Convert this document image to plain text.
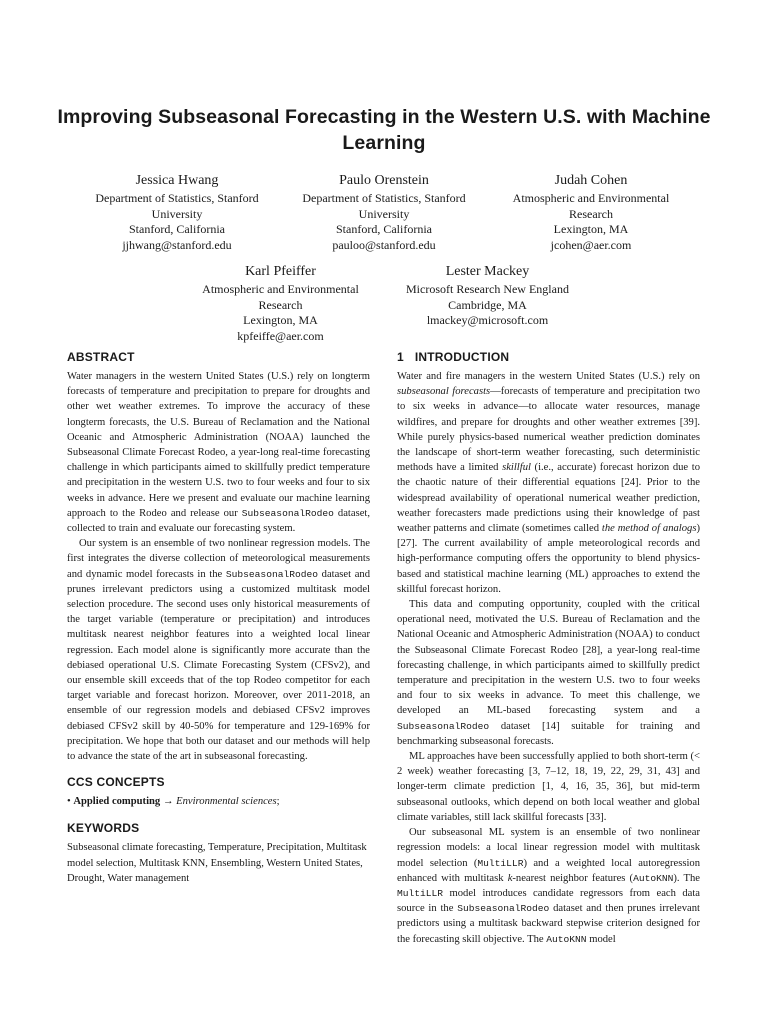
Improving Subseasonal Forecasting in the Western U.S. with Machine Learning
Jessica Hwang
Department of Statistics, Stanford
University
Stanford, California
jjhwang@stanford.edu
Paulo Orenstein
Department of Statistics, Stanford
University
Stanford, California
pauloo@stanford.edu
Judah Cohen
Atmospheric and Environmental
Research
Lexington, MA
jcohen@aer.com
Karl Pfeiffer
Atmospheric and Environmental
Research
Lexington, MA
kpfeiffe@aer.com
Lester Mackey
Microsoft Research New England
Cambridge, MA
lmackey@microsoft.com
ABSTRACT

Water managers in the western United States (U.S.) rely on longterm forecasts of temperature and precipitation to prepare for droughts and other wet weather extremes. To improve the accuracy of these longterm forecasts, the U.S. Bureau of Reclamation and the National Oceanic and Atmospheric Administration (NOAA) launched the Subseasonal Climate Forecast Rodeo, a year-long real-time forecasting challenge in which participants aimed to skillfully predict temperature and precipitation in the western U.S. two to four weeks and four to six weeks in advance. Here we present and evaluate our machine learning approach to the Rodeo and release our SubseasonalRodeo dataset, collected to train and evaluate our forecasting system.

Our system is an ensemble of two nonlinear regression models. The first integrates the diverse collection of meteorological measurements and dynamic model forecasts in the SubseasonalRodeo dataset and prunes irrelevant predictors using a customized multitask model selection procedure. The second uses only historical measurements of the target variable (temperature or precipitation) and introduces multitask nearest neighbor features into a weighted local linear regression. Each model alone is significantly more accurate than the debiased operational U.S. Climate Forecasting System (CFSv2), and our ensemble skill exceeds that of the top Rodeo competitor for each target variable and forecast horizon. Moreover, over 2011-2018, an ensemble of our regression models and debiased CFSv2 improves debiased CFSv2 skill by 40-50% for temperature and 129-169% for precipitation. We hope that both our dataset and our methods will help to advance the state of the art in subseasonal forecasting.

CCS CONCEPTS

• Applied computing → Environmental sciences;

KEYWORDS

Subseasonal climate forecasting, Temperature, Precipitation, Multitask model selection, Multitask KNN, Ensembling, Western United States, Drought, Water management

1 INTRODUCTION

Water and fire managers in the western United States (U.S.) rely on subseasonal forecasts—forecasts of temperature and precipitation two to six weeks in advance—to allocate water resources, manage wildfires, and prepare for droughts and other weather extremes [39]. While purely physics-based numerical weather prediction dominates the landscape of short-term weather forecasting, such deterministic methods have a limited skillful (i.e., accurate) forecast horizon due to the chaotic nature of their differential equations [24]. Prior to the widespread availability of operational numerical weather prediction, weather forecasters made predictions using their knowledge of past weather patterns and climate (sometimes called the method of analogs) [27]. The current availability of ample meteorological records and high-performance computing offers the opportunity to blend physics-based and statistical machine learning (ML) approaches to extend the skillful forecast horizon.

This data and computing opportunity, coupled with the critical operational need, motivated the U.S. Bureau of Reclamation and the National Oceanic and Atmospheric Administration (NOAA) to conduct the Subseasonal Climate Forecast Rodeo [28], a year-long real-time forecasting challenge, in which participants aimed to skillfully predict temperature and precipitation in the western U.S. two to four weeks and four to six weeks in advance. To meet this challenge, we developed an ML-based forecasting system and a SubseasonalRodeo dataset [14] suitable for training and benchmarking subseasonal forecasts.

ML approaches have been successfully applied to both short-term (< 2 week) weather forecasting [3, 7–12, 18, 19, 22, 29, 31, 43] and longer-term climate prediction [1, 4, 16, 35, 36], but mid-term subseasonal outlooks, which depend on both local weather and global climate variables, still lack skillful forecasts [33].

Our subseasonal ML system is an ensemble of two nonlinear regression models: a local linear regression model with multitask model selection (MultiLLR) and a weighted local autoregression enhanced with multitask k-nearest neighbor features (AutoKNN). The MultiLLR model introduces candidate regressors from each data source in the SubseasonalRodeo dataset and then prunes irrelevant predictors using a multitask backward stepwise criterion designed for the forecasting skill objective. The AutoKNN model
